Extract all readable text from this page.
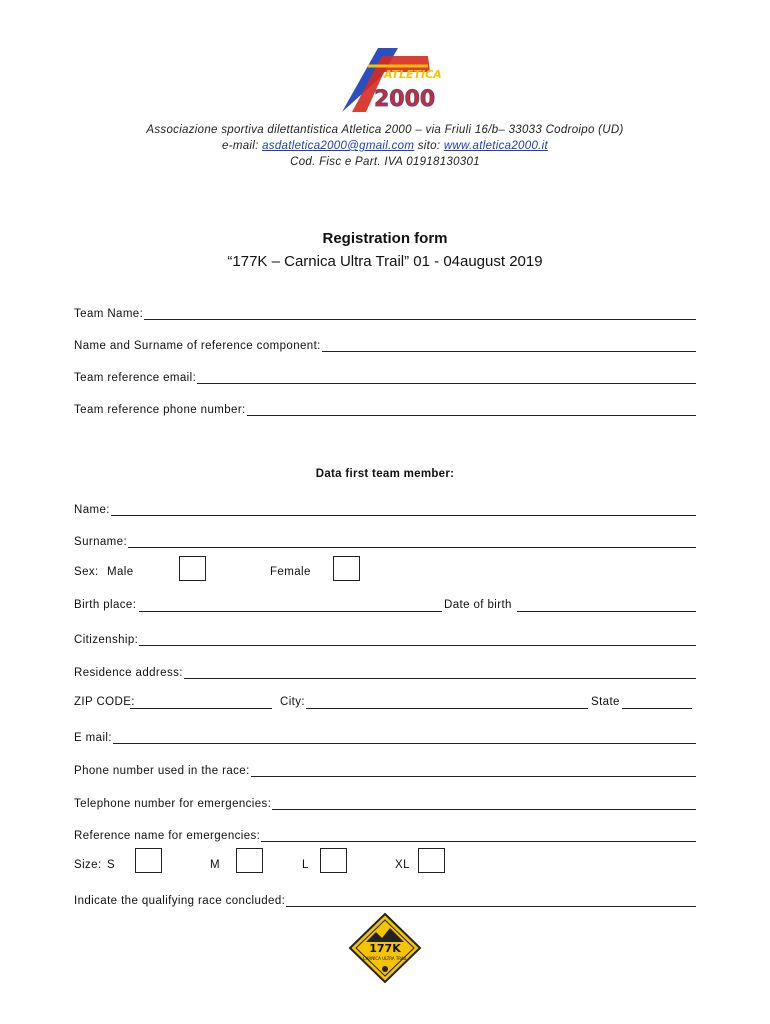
ATLETICA
2000
Associazione sportiva dilettantistica Atletica 2000 – via Friuli 16/b– 33033 Codroipo (UD)
e-mail: asdatletica2000@gmail.com sito: www.atletica2000.it
Cod. Fisc e Part. IVA 01918130301
Registration form
“177K – Carnica Ultra Trail” 01 - 04august 2019
Team Name:
Name and Surname of reference component:
Team reference email:
Team reference phone number:
Data first team member:
Name:
Surname:
Sex: Male	Female
Birth place:	Date of birth
Citizenship:
Residence address:
ZIP CODE:	City:	State
E mail:
Phone number used in the race:
Telephone number for emergencies:
Reference name for emergencies:
Size: S	M	L	XL
Indicate the qualifying race concluded:
177K
CARNICA ULTRA TRAIL
